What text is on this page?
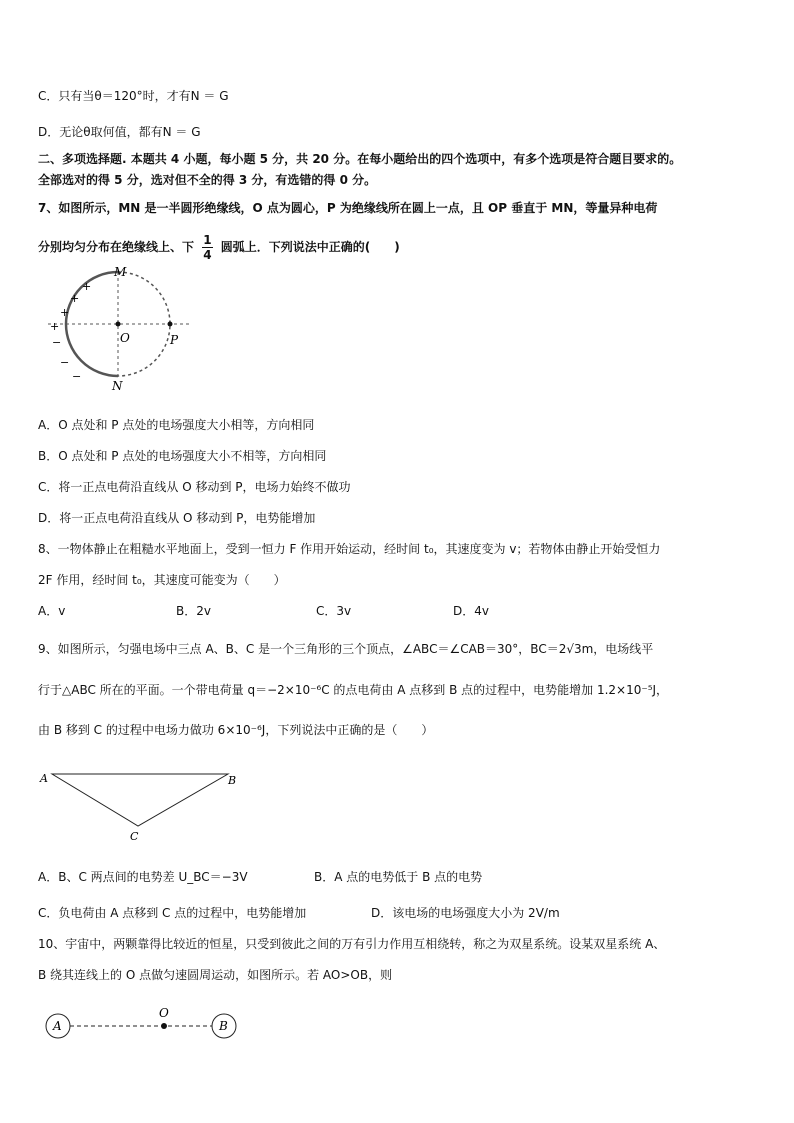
C．只有当θ＝120°时，才有N ＝ G
D．无论θ取何值，都有N ＝ G
二、多项选择题. 本题共 4 小题，每小题 5 分，共 20 分。在每小题给出的四个选项中，有多个选项是符合题目要求的。
全部选对的得 5 分，选对但不全的得 3 分，有选错的得 0 分。
7、如图所示，MN 是一半圆形绝缘线，O 点为圆心，P 为绝缘线所在圆上一点，且 OP 垂直于 MN，等量异种电荷
分别均匀分布在绝缘线上、下 $\frac{1}{4}$ 圆弧上．下列说法中正确的(　　)
M
N
O	P
+
+
+
+
−
−
−
A．O 点处和 P 点处的电场强度大小相等，方向相同
B．O 点处和 P 点处的电场强度大小不相等，方向相同
C．将一正点电荷沿直线从 O 移动到 P，电场力始终不做功
D．将一正点电荷沿直线从 O 移动到 P，电势能增加
8、一物体静止在粗糙水平地面上，受到一恒力 F 作用开始运动，经时间 t₀，其速度变为 v；若物体由静止开始受恒力
2F 作用，经时间 t₀，其速度可能变为（　　）
A．v	B．2v	C．3v	D．4v
9、如图所示，匀强电场中三点 A、B、C 是一个三角形的三个顶点，∠ABC＝∠CAB＝30°，BC＝2√3m，电场线平
行于△ABC 所在的平面。一个带电荷量 q＝−2×10⁻⁶C 的点电荷由 A 点移到 B 点的过程中，电势能增加 1.2×10⁻⁵J，
由 B 移到 C 的过程中电场力做功 6×10⁻⁶J，下列说法中正确的是（　　）
A	B
C
A．B、C 两点间的电势差 U_BC＝−3V	B．A 点的电势低于 B 点的电势
C．负电荷由 A 点移到 C 点的过程中，电势能增加	D．该电场的电场强度大小为 2V/m
10、宇宙中，两颗靠得比较近的恒星，只受到彼此之间的万有引力作用互相绕转，称之为双星系统。设某双星系统 A、
B 绕其连线上的 O 点做匀速圆周运动，如图所示。若 AO>OB，则
A	B
O
